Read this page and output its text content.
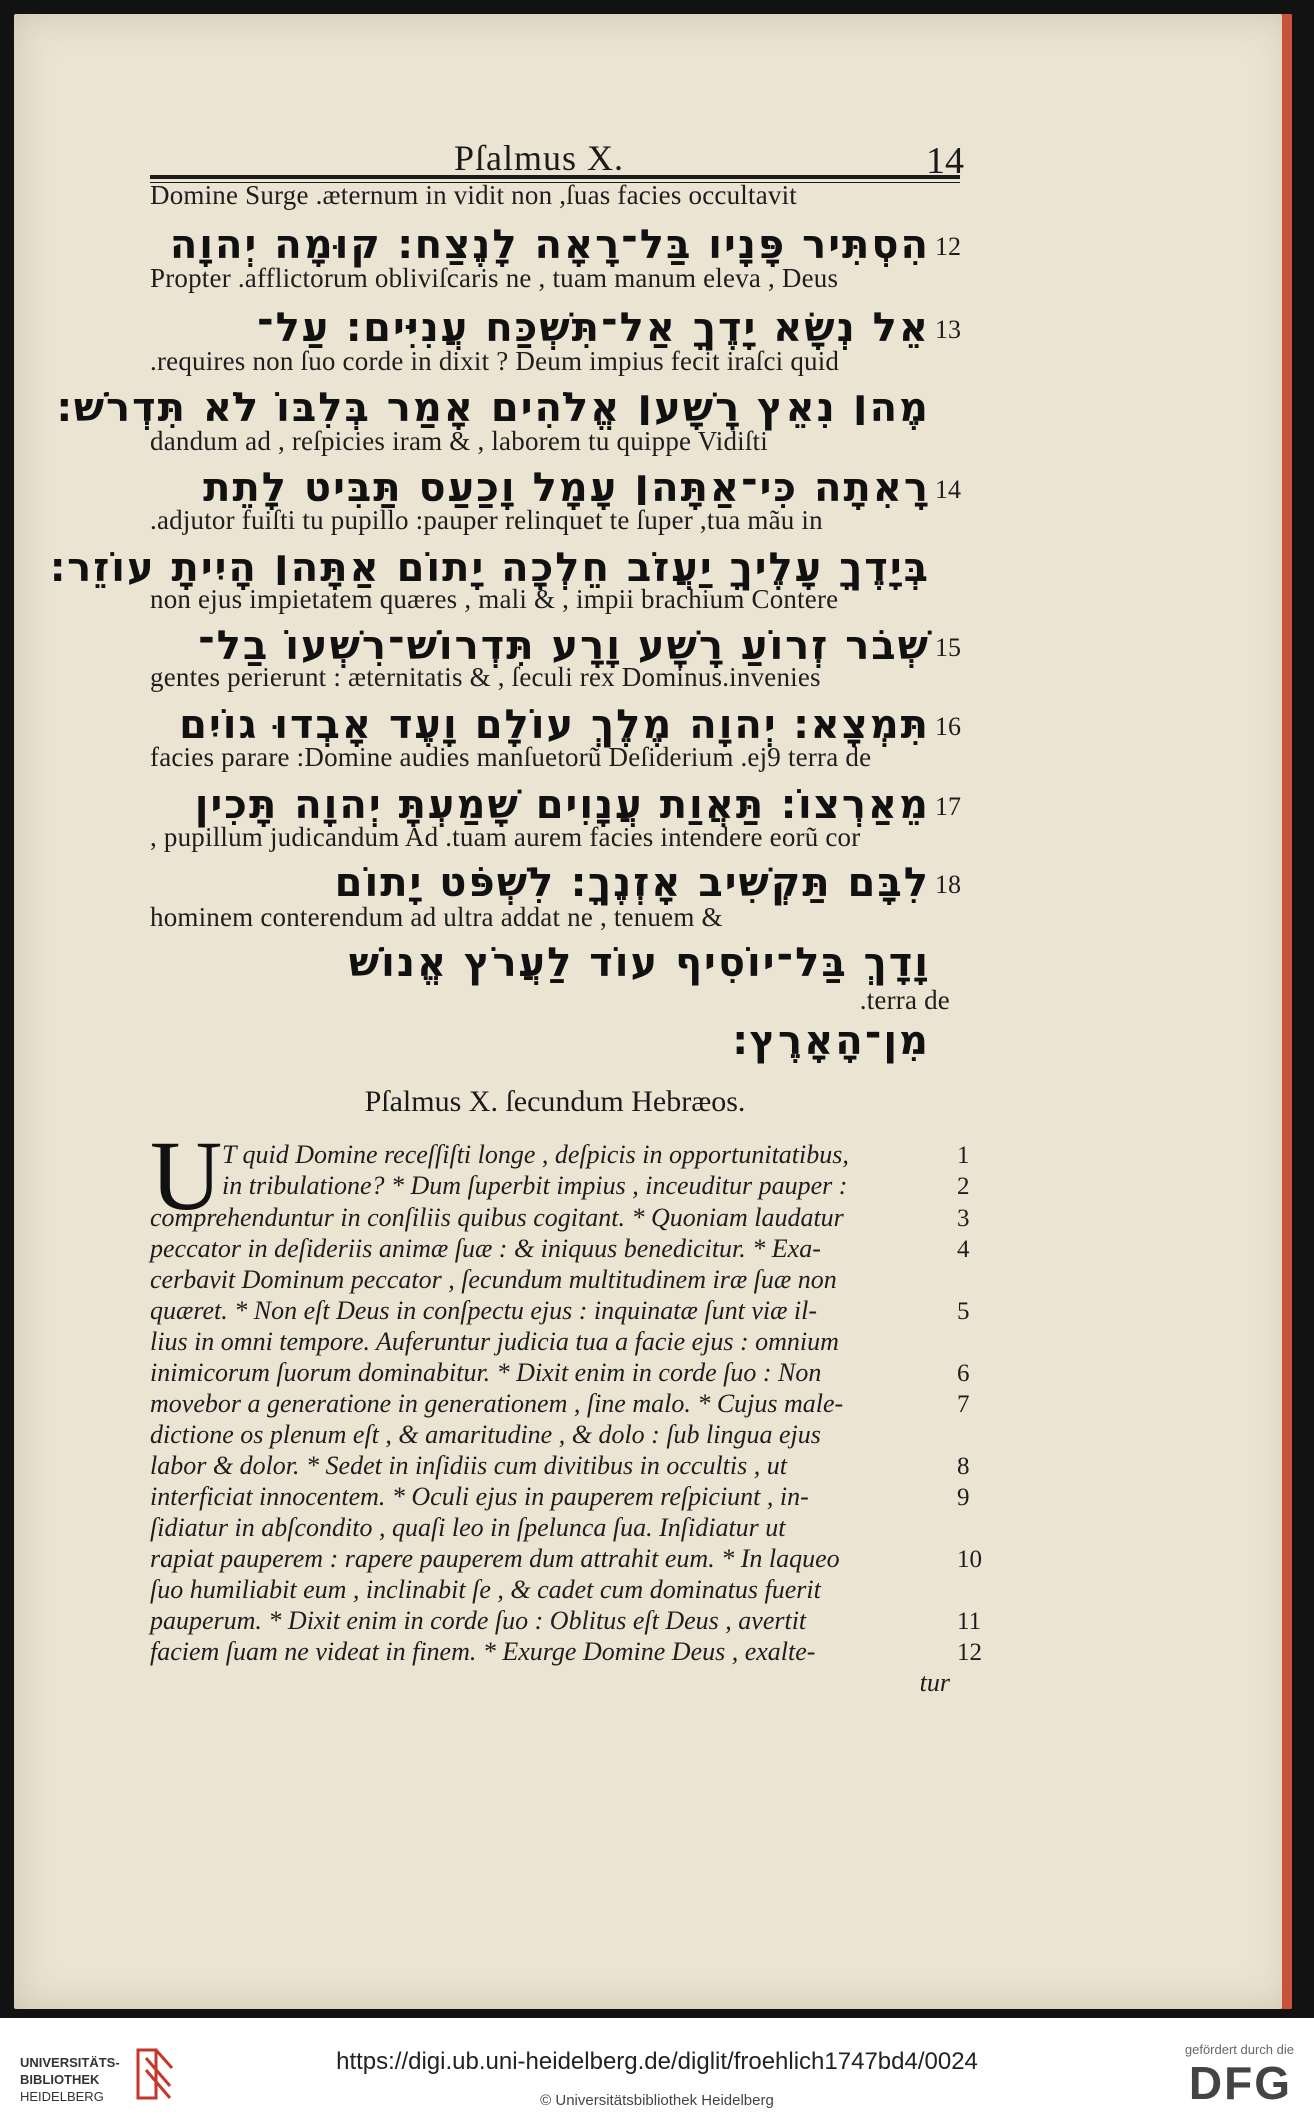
Pſalmus X.	14
Domine Surge .æternum in vidit non ,ſuas facies occultavit
הִסְתִּיר פָּנָיו בַּל־רָאָה לָנֶצַח׃ קוּמָה יְהוָה 12
Propter .afflictorum obliviſcaris ne , tuam manum eleva , Deus
אֵל נְשָׂא יָדֶךָ אַל־תִּשְׁכַּח עֲנִיִּים׃ עַל־ 13
.requires non ſuo corde in dixit ? Deum impius fecit iraſci quid
מֶה׀ נִאֵץ רָשָׁע׀ אֱלֹהִים אָמַר בְּלִבּוֹ לֹא תִּדְרֹשׁ׃
dandum ad , reſpicies iram & , laborem tu quippe Vidiſti
רָאִתָה כִּי־אַתָּה׀ עָמָל וָכַעַס תַּבִּיט לָתֵת 14
.adjutor fuiſti tu pupillo :pauper relinquet te ſuper ,tua mãu in
בְּיָדֶךָ עָלֶיךָ יַעֲזֹב חֵלְכָה יָתוֹם אַתָּה׀ הָיִיתָ עוֹזֵר׃
non ejus impietatem quæres , mali & , impii brachium Contere
שְׁבֹר זְרוֹעַ רָשָׁע וָרָע תִּדְרוֹשׁ־רִשְׁעוֹ בַל־ 15
gentes perierunt : æternitatis & , ſeculi rex Dominus.invenies
תִּמְצָא׃ יְהוָה מֶלֶךְ עוֹלָם וָעֶד אָבְדוּ גוֹיִם 16
facies parare :Domine audies manſuetorũ Deſiderium .ej9 terra de
מֵאַרְצוֹ׃ תַּאֲוַת עֲנָוִים שָׁמַעְתָּ יְהוָה תָּכִין 17
, pupillum judicandum Ad .tuam aurem facies intendere eorũ cor
לִבָּם תַּקְשִׁיב אָזְנֶךָ׃ לִשְׁפֹּט יָתוֹם 18
hominem conterendum ad ultra addat ne , tenuem &
וָדָךְ בַּל־יוֹסִיף עוֹד לַעֲרֹץ אֱנוֹשׁ
.terra de
מִן־הָאָרֶץ׃
Pſalmus X. ſecundum Hebræos.
U T quid Domine receſſiſti longe , deſpicis in opportunitatibus,	1
in tribulatione? * Dum ſuperbit impius , inceuditur pauper :	2
comprehenduntur in conſiliis quibus cogitant. * Quoniam laudatur	3
peccator in deſideriis animæ ſuæ : & iniquus benedicitur. * Exa-	4
cerbavit Dominum peccator , ſecundum multitudinem iræ ſuæ non
quæret. * Non eſt Deus in conſpectu ejus : inquinatæ ſunt viæ il-	5
lius in omni tempore. Auferuntur judicia tua a facie ejus : omnium
inimicorum ſuorum dominabitur. * Dixit enim in corde ſuo : Non	6
movebor a generatione in generationem , ſine malo. * Cujus male-	7
dictione os plenum eſt , & amaritudine , & dolo : ſub lingua ejus
labor & dolor. * Sedet in inſidiis cum divitibus in occultis , ut	8
interficiat innocentem. * Oculi ejus in pauperem reſpiciunt , in-	9
ſidiatur in abſcondito , quaſi leo in ſpelunca ſua. Inſidiatur ut
rapiat pauperem : rapere pauperem dum attrahit eum. * In laqueo	10
ſuo humiliabit eum , inclinabit ſe , & cadet cum dominatus fuerit
pauperum. * Dixit enim in corde ſuo : Oblitus eſt Deus , avertit	11
faciem ſuam ne videat in finem. * Exurge Domine Deus , exalte-	12
tur
UNIVERSITÄTS-
BIBLIOTHEK
HEIDELBERG
https://digi.ub.uni-heidelberg.de/diglit/froehlich1747bd4/0024
© Universitätsbibliothek Heidelberg
gefördert durch die
DFG
